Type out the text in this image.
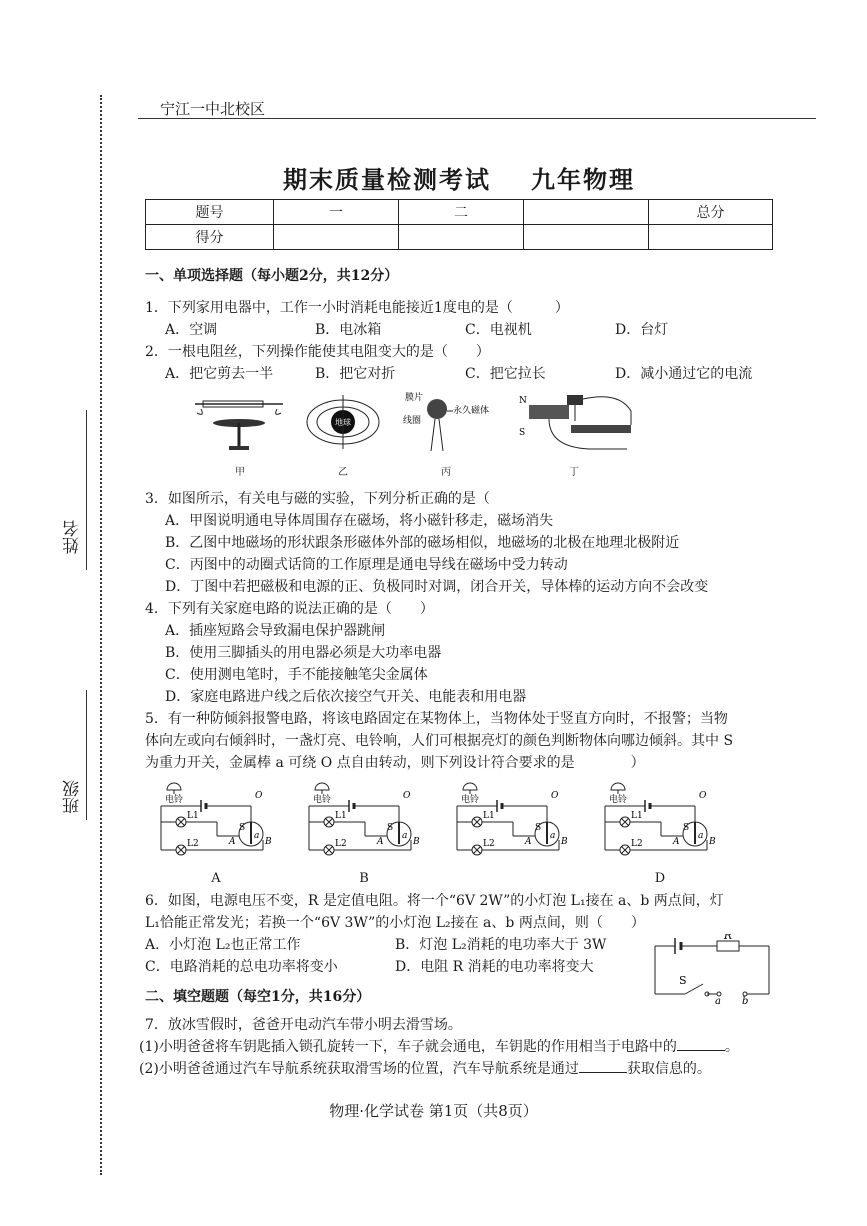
姓名
班级
宁江一中北校区
期末质量检测考试 九年物理
题号	一	二		总分
得分				
一、单项选择题（每小题2分，共12分）
1．下列家用电器中，工作一小时消耗电能接近1度电的是（　　　）
A．空调	B．电冰箱	C．电视机	D．台灯
2．一根电阻丝，下列操作能使其电阻变大的是（　　）
A．把它剪去一半	B．把它对折	C．把它拉长	D．减小通过它的电流
甲
地球
乙
膜片
线圈
永久磁体
丙
N
S
丁
3．如图所示，有关电与磁的实验，下列分析正确的是（
A．甲图说明通电导体周围存在磁场，将小磁针移走，磁场消失
B．乙图中地磁场的形状跟条形磁体外部的磁场相似，地磁场的北极在地理北极附近
C．丙图中的动圈式话筒的工作原理是通电导线在磁场中受力转动
D．丁图中若把磁极和电源的正、负极同时对调，闭合开关，导体棒的运动方向不会改变
4．下列有关家庭电路的说法正确的是（　　）
A．插座短路会导致漏电保护器跳闸
B．使用三脚插头的用电器必须是大功率电器
C．使用测电笔时，手不能接触笔尖金属体
D．家庭电路进户线之后依次接空气开关、电能表和用电器
5．有一种防倾斜报警电路，将该电路固定在某物体上，当物体处于竖直方向时，不报警；当物
体向左或向右倾斜时，一盏灯亮、电铃响，人们可根据亮灯的颜色判断物体向哪边倾斜。其中 S
为重力开关，金属棒 a 可绕 O 点自由转动，则下列设计符合要求的是　　　　）
电铃	O
L1
L2
S
a
A	B
A
电铃	O
L1
L2
S
a
A	B
B
电铃	O
L1
L2
S
a
A	B
电铃	O
L1
L2
S
a
A	B
D
6．如图，电源电压不变，R 是定值电阻。将一个“6V 2W”的小灯泡 L₁接在 a、b 两点间，灯
L₁恰能正常发光；若换一个“6V 3W”的小灯泡 L₂接在 a、b 两点间，则（　　）
A．小灯泡 L₂也正常工作	B．灯泡 L₂消耗的电功率大于 3W
C．电路消耗的总电功率将变小	D．电阻 R 消耗的电功率将变大
R
S
a b
二、填空题题（每空1分，共16分）
7．放冰雪假时，爸爸开电动汽车带小明去滑雪场。
(1)小明爸爸将车钥匙插入锁孔旋转一下，车子就会通电，车钥匙的作用相当于电路中的	。
(2)小明爸爸通过汽车导航系统获取滑雪场的位置，汽车导航系统是通过	获取信息的。
物理·化学试卷 第1页（共8页）
